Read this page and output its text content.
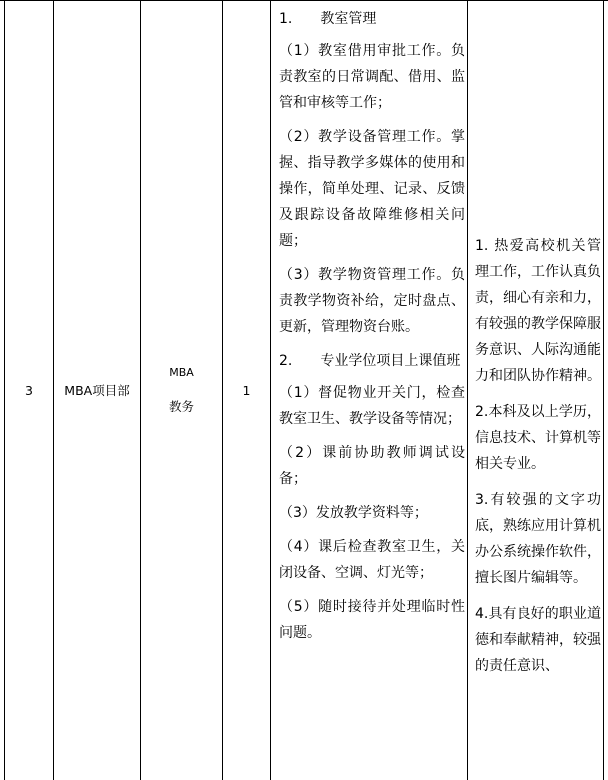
3	MBA项目部
MBA
教务
1

1.　　教室管理

（1）教室借用审批工作。负责教室的日常调配、借用、监管和审核等工作；

（2）教学设备管理工作。掌握、指导教学多媒体的使用和操作，简单处理、记录、反馈及跟踪设备故障维修相关问题；

（3）教学物资管理工作。负责教学物资补给，定时盘点、更新，管理物资台账。

2.　　专业学位项目上课值班

（1）督促物业开关门，检查教室卫生、教学设备等情况；

（2）课前协助教师调试设备；

（3）发放教学资料等；

（4）课后检查教室卫生，关闭设备、空调、灯光等；

（5）随时接待并处理临时性问题。

1. 热爱高校机关管理工作，工作认真负责，细心有亲和力，有较强的教学保障服务意识、人际沟通能力和团队协作精神。

2.本科及以上学历，信息技术、计算机等相关专业。

3.有较强的文字功底，熟练应用计算机办公系统操作软件，擅长图片编辑等。

4.具有良好的职业道德和奉献精神，较强的责任意识、
